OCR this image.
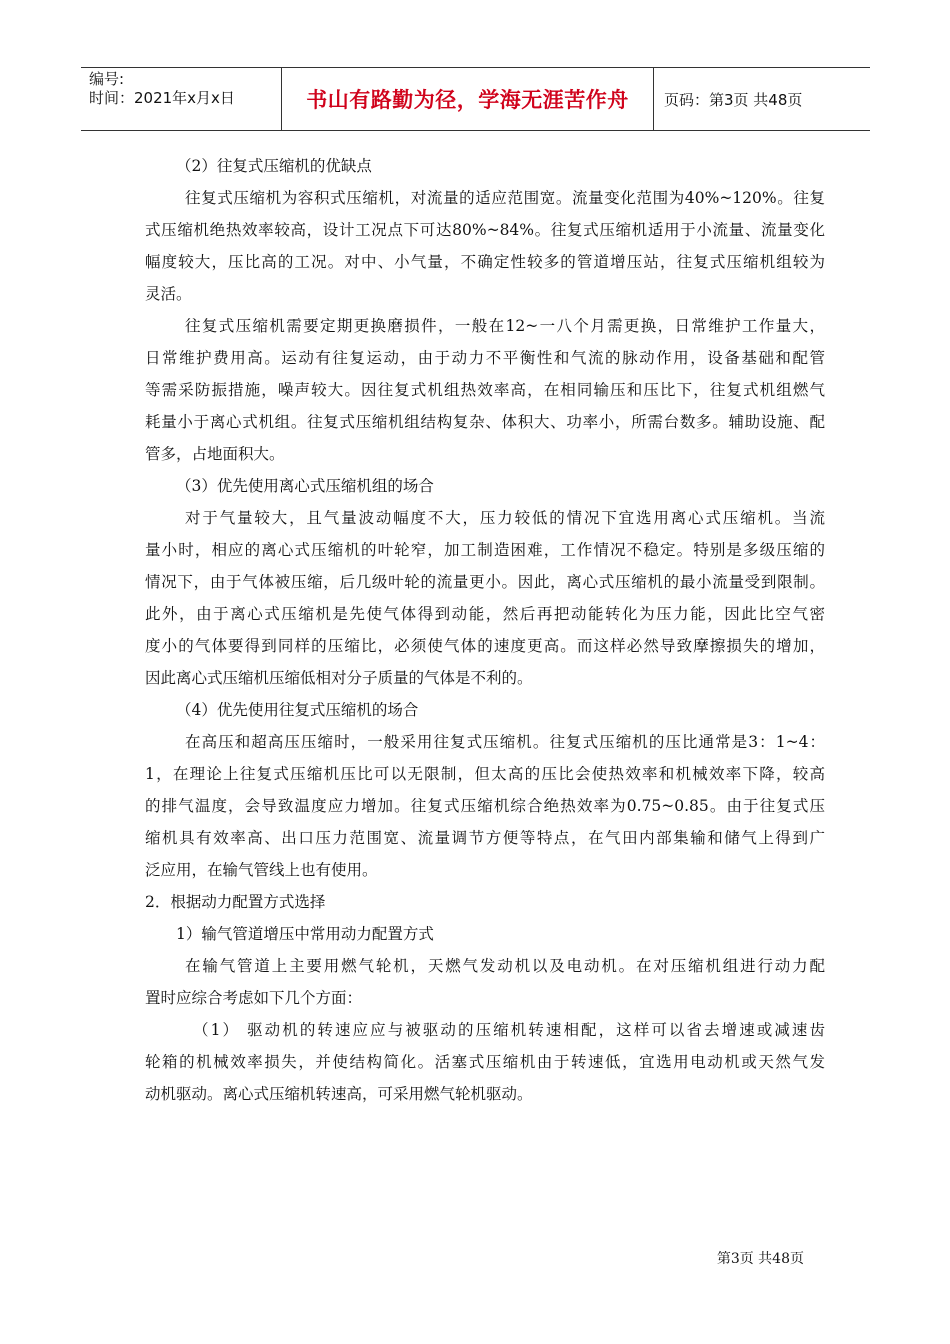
编号:
时间：2021年x月x日	书山有路勤为径，学海无涯苦作舟	页码：第3页 共48页
（2）往复式压缩机的优缺点
往复式压缩机为容积式压缩机，对流量的适应范围宽。流量变化范围为40%~120%。往复
式压缩机绝热效率较高，设计工况点下可达80%~84%。往复式压缩机适用于小流量、流量变化
幅度较大，压比高的工况。对中、小气量，不确定性较多的管道增压站，往复式压缩机组较为
灵活。
往复式压缩机需要定期更换磨损件，一般在12~一八个月需更换，日常维护工作量大，
日常维护费用高。运动有往复运动，由于动力不平衡性和气流的脉动作用，设备基础和配管
等需采防振措施，噪声较大。因往复式机组热效率高，在相同输压和压比下，往复式机组燃气
耗量小于离心式机组。往复式压缩机组结构复杂、体积大、功率小，所需台数多。辅助设施、配
管多，占地面积大。
（3）优先使用离心式压缩机组的场合
对于气量较大，且气量波动幅度不大，压力较低的情况下宜选用离心式压缩机。当流
量小时，相应的离心式压缩机的叶轮窄，加工制造困难，工作情况不稳定。特别是多级压缩的
情况下，由于气体被压缩，后几级叶轮的流量更小。因此，离心式压缩机的最小流量受到限制。
此外，由于离心式压缩机是先使气体得到动能，然后再把动能转化为压力能，因此比空气密
度小的气体要得到同样的压缩比，必须使气体的速度更高。而这样必然导致摩擦损失的增加，
因此离心式压缩机压缩低相对分子质量的气体是不利的。
（4）优先使用往复式压缩机的场合
在高压和超高压压缩时，一般采用往复式压缩机。往复式压缩机的压比通常是3：1~4：
1，在理论上往复式压缩机压比可以无限制，但太高的压比会使热效率和机械效率下降，较高
的排气温度，会导致温度应力增加。往复式压缩机综合绝热效率为0.75~0.85。由于往复式压
缩机具有效率高、出口压力范围宽、流量调节方便等特点，在气田内部集输和储气上得到广
泛应用，在输气管线上也有使用。
2．根据动力配置方式选择
1）输气管道增压中常用动力配置方式
在输气管道上主要用燃气轮机，天燃气发动机以及电动机。在对压缩机组进行动力配
置时应综合考虑如下几个方面：
（1） 驱动机的转速应应与被驱动的压缩机转速相配，这样可以省去增速或减速齿
轮箱的机械效率损失，并使结构简化。活塞式压缩机由于转速低，宜选用电动机或天然气发
动机驱动。离心式压缩机转速高，可采用燃气轮机驱动。
第3页 共48页
